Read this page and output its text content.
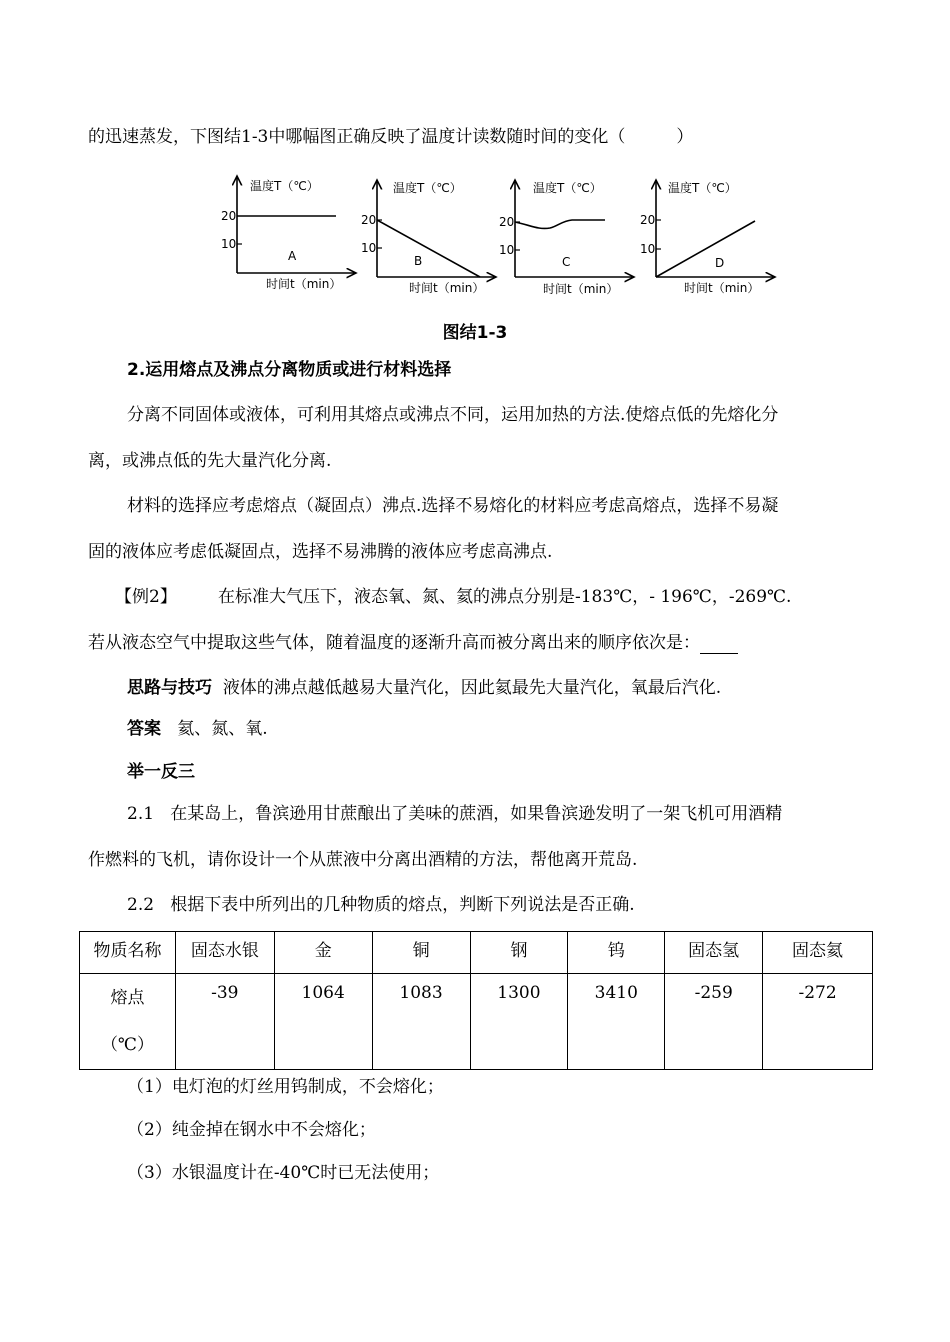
的迅速蒸发，下图结1-3中哪幅图正确反映了温度计读数随时间的变化（　　　）
20
10
温度T（℃）
A
时间t（min）
20
10
温度T（℃）
B
时间t（min）
20
10
温度T（℃）
C
时间t（min）
20
10
温度T（℃）
D
时间t（min）
图结1-3
2.运用熔点及沸点分离物质或进行材料选择
分离不同固体或液体，可利用其熔点或沸点不同，运用加热的方法.使熔点低的先熔化分
离，或沸点低的先大量汽化分离.
材料的选择应考虑熔点（凝固点）沸点.选择不易熔化的材料应考虑高熔点，选择不易凝
固的液体应考虑低凝固点，选择不易沸腾的液体应考虑高沸点.
【例2】 在标准大气压下，液态氧、氮、氦的沸点分别是-183℃，- 196℃，-269℃.
若从液态空气中提取这些气体，随着温度的逐渐升高而被分离出来的顺序依次是：
思路与技巧 液体的沸点越低越易大量汽化，因此氦最先大量汽化，氧最后汽化.
答案 氦、氮、氧.
举一反三
2.1 在某岛上，鲁滨逊用甘蔗酿出了美味的蔗酒，如果鲁滨逊发明了一架飞机可用酒精
作燃料的飞机，请你设计一个从蔗液中分离出酒精的方法，帮他离开荒岛.
2.2 根据下表中所列出的几种物质的熔点，判断下列说法是否正确.
物质名称	固态水银	金	铜	钢	钨	固态氢	固态氦

熔点
（℃）	-39	1064	1083	1300	3410	-259	-272
（1）电灯泡的灯丝用钨制成，不会熔化；
（2）纯金掉在钢水中不会熔化；
（3）水银温度计在-40℃时已无法使用；
